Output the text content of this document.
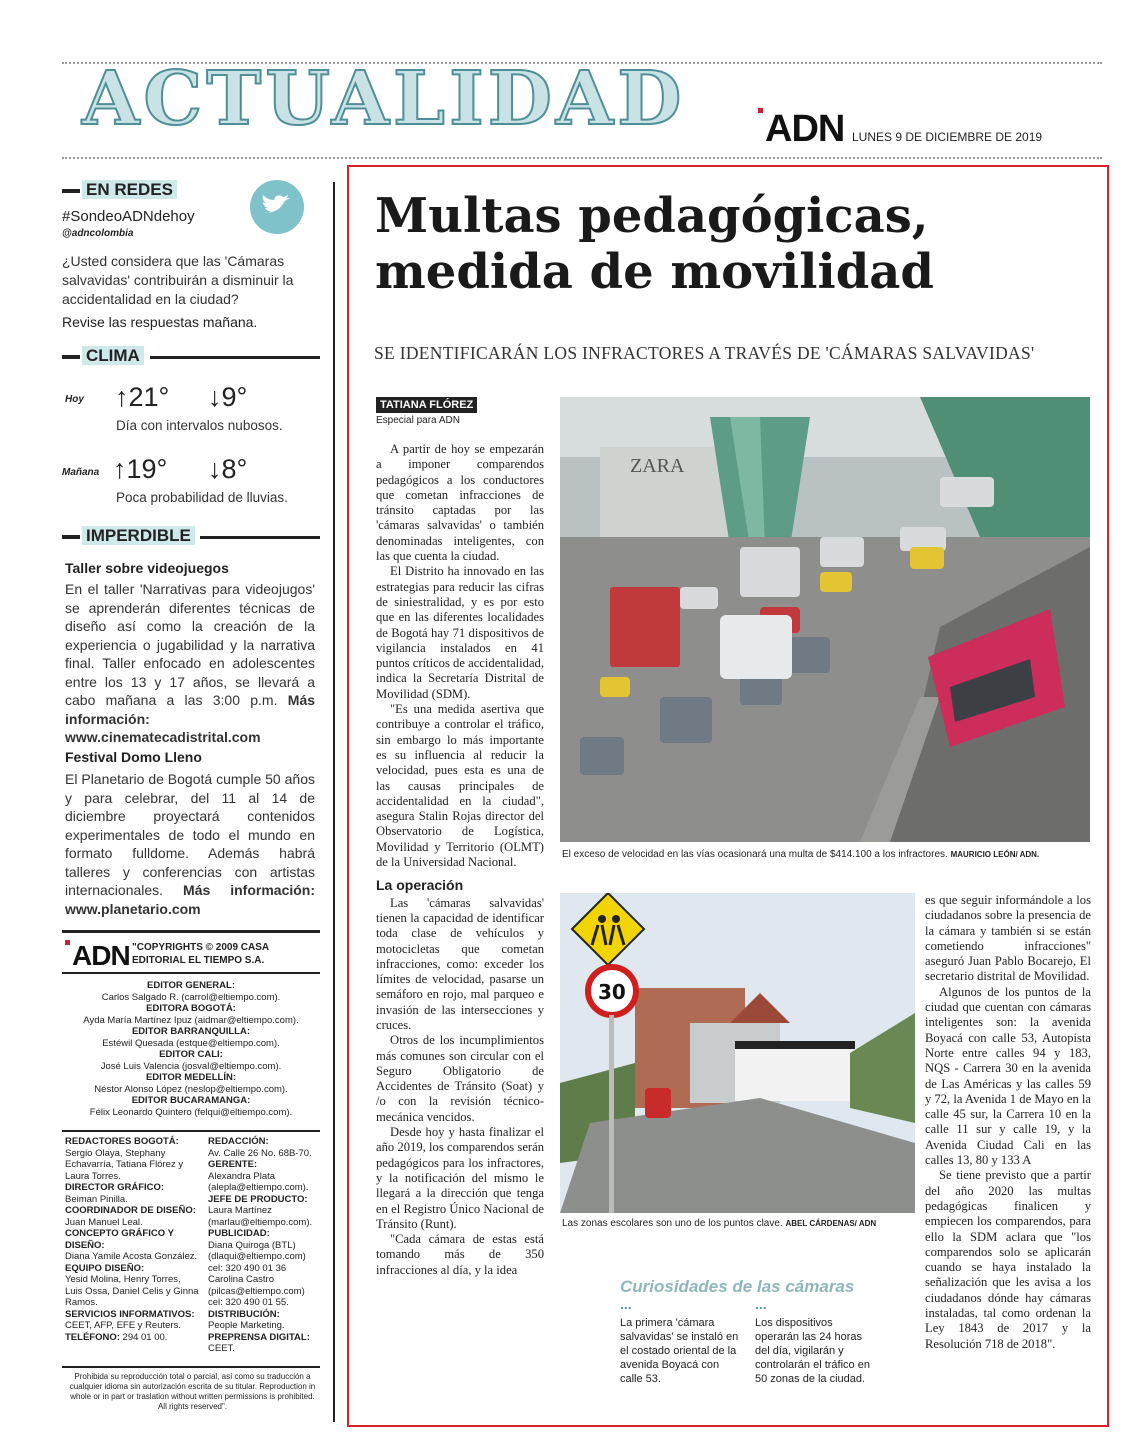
ACTUALIDAD ADN LUNES 9 DE DICIEMBRE DE 2019
EN REDES
#SondeoADNdehoy
@adncolombia
¿Usted considera que las 'Cámaras salvavidas' contribuirán a disminuir la accidentalidad en la ciudad?
Revise las respuestas mañana.
CLIMA
Hoy ↑21° ↓9°
Día con intervalos nubosos.
Mañana ↑19° ↓8°
Poca probabilidad de lluvias.
IMPERDIBLE
Taller sobre videojuegos
En el taller 'Narrativas para videojugos' se aprenderán diferentes técnicas de diseño así como la creación de la experiencia o jugabilidad y la narrativa final. Taller enfocado en adolescentes entre los 13 y 17 años, se llevará a cabo mañana a las 3:00 p.m. Más información: www.cinematecadistrital.com
Festival Domo Lleno
El Planetario de Bogotá cumple 50 años y para celebrar, del 11 al 14 de diciembre proyectará contenidos experimentales de todo el mundo en formato fulldome. Además habrá talleres y conferencias con artistas internacionales. Más información: www.planetario.com
ADN "COPYRIGHTS © 2009 CASA EDITORIAL EL TIEMPO S.A.
EDITOR GENERAL:
Carlos Salgado R. (carrol@eltiempo.com).
EDITORA BOGOTÁ:
Ayda María Martínez Ipuz (aidmar@eltiempo.com).
EDITOR BARRANQUILLA:
Estéwil Quesada (estque@eltiempo.com).
EDITOR CALI:
José Luis Valencia (josval@eltiempo.com).
EDITOR MEDELLÍN:
Néstor Alonso López (neslop@eltiempo.com).
EDITOR BUCARAMANGA:
Félix Leonardo Quintero (felqui@eltiempo.com).
REDACTORES BOGOTÁ:
Sergio Olaya, Stephany Echavarría, Tatiana Flórez y Laura Torres.
DIRECTOR GRÁFICO:
Beiman Pinilla.
COORDINADOR DE DISEÑO:
Juan Manuel Leal.
CONCEPTO GRÁFICO Y DISEÑO:
Diana Yamile Acosta González.
EQUIPO DISEÑO:
Yesid Molina, Henry Torres, Luis Ossa, Daniel Celis y Ginna Ramos.
SERVICIOS INFORMATIVOS:
CEET, AFP, EFE y Reuters.
TELÉFONO: 294 01 00.
REDACCIÓN:
Av. Calle 26 No. 68B-70.
GERENTE:
Alexandra Plata (alepla@eltiempo.com).
JEFE DE PRODUCTO:
Laura Martínez (marlau@eltiempo.com).
PUBLICIDAD:
Diana Quiroga (BTL) (dlaqui@eltiempo.com) cel: 320 490 01 36 Carolina Castro (pilcas@eltiempo.com) cel: 320 490 01 55.
DISTRIBUCIÓN:
People Marketing.
PREPRENSA DIGITAL:
CEET.
Prohibida su reproducción total o parcial, así como su traducción a cualquier idioma sin autorización escrita de su titular. Reproduction in whole or in part or traslation without written permissions is prohibited. All rights reserved".
Multas pedagógicas,
medida de movilidad
SE IDENTIFICARÁN LOS INFRACTORES A TRAVÉS DE 'CÁMARAS SALVAVIDAS'
TATIANA FLÓREZ
Especial para ADN

A partir de hoy se empezarán a imponer comparendos pedagógicos a los conductores que cometan infracciones de tránsito captadas por las 'cámaras salvavidas' o también denominadas inteligentes, con las que cuenta la ciudad.

El Distrito ha innovado en las estrategias para reducir las cifras de siniestralidad, y es por esto que en las diferentes localidades de Bogotá hay 71 dispositivos de vigilancia instalados en 41 puntos críticos de accidentalidad, indica la Secretaría Distrital de Movilidad (SDM).

"Es una medida asertiva que contribuye a controlar el tráfico, sin embargo lo más importante es su influencia al reducir la velocidad, pues esta es una de las causas principales de accidentalidad en la ciudad", asegura Stalin Rojas director del Observatorio de Logística, Movilidad y Territorio (OLMT) de la Universidad Nacional.

La operación

Las 'cámaras salvavidas' tienen la capacidad de identificar toda clase de vehículos y motocicletas que cometan infracciones, como: exceder los límites de velocidad, pasarse un semáforo en rojo, mal parqueo e invasión de las intersecciones y cruces.

Otros de los incumplimientos más comunes son circular con el Seguro Obligatorio de Accidentes de Tránsito (Soat) y /o con la revisión técnico-mecánica vencidos.

Desde hoy y hasta finalizar el año 2019, los comparendos serán pedagógicos para los infractores, y la notificación del mismo le llegará a la dirección que tenga en el Registro Único Nacional de Tránsito (Runt).

"Cada cámara de estas está tomando más de 350 infracciones al día, y la idea

ZARA
El exceso de velocidad en las vías ocasionará una multa de $414.100 a los infractores. MAURICIO LEÓN/ ADN.
30
Las zonas escolares son uno de los puntos clave. ABEL CÁRDENAS/ ADN

es que seguir informándole a los ciudadanos sobre la presencia de la cámara y también si se están cometiendo infracciones" aseguró Juan Pablo Bocarejo, El secretario distrital de Movilidad.

Algunos de los puntos de la ciudad que cuentan con cámaras inteligentes son: la avenida Boyacá con calle 53, Autopista Norte entre calles 94 y 183, NQS - Carrera 30 en la avenida de Las Américas y las calles 59 y 72, la Avenida 1 de Mayo en la calle 45 sur, la Carrera 10 en la calle 11 sur y calle 19, y la Avenida Ciudad Cali en las calles 13, 80 y 133 A

Se tiene previsto que a partir del año 2020 las multas pedagógicas finalicen y empiecen los comparendos, para ello la SDM aclara que "los comparendos solo se aplicarán cuando se haya instalado la señalización que les avisa a los ciudadanos dónde hay cámaras instaladas, tal como ordenan la Ley 1843 de 2017 y la Resolución 718 de 2018".

Curiosidades de las cámaras
...	...
La primera 'cámara salvavidas' se instaló en el costado oriental de la avenida Boyacá con calle 53.
Los dispositivos operarán las 24 horas del día, vigilarán y controlarán el tráfico en 50 zonas de la ciudad.
